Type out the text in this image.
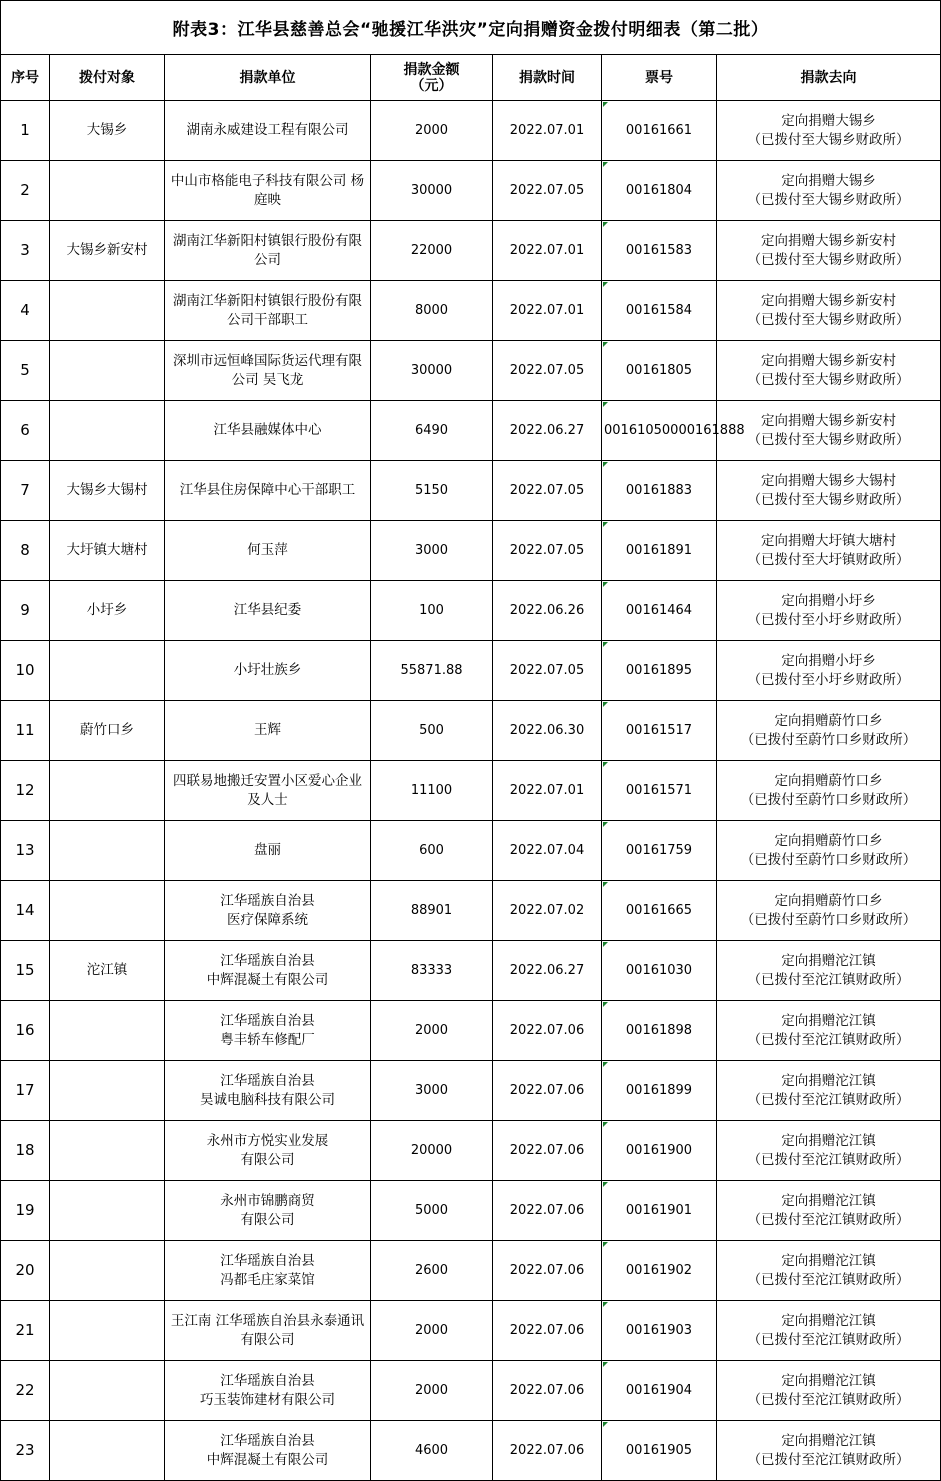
附表3：江华县慈善总会“驰援江华洪灾”定向捐赠资金拨付明细表（第二批）						
序号	拨付对象	捐款单位	捐款金额（元）	捐款时间	票号	捐款去向
1	大锡乡	湖南永威建设工程有限公司	2000	2022.07.01	00161661	定向捐赠大锡乡
（已拨付至大锡乡财政所）

2		中山市格能电子科技有限公司 杨庭映	30000	2022.07.05	00161804	定向捐赠大锡乡
（已拨付至大锡乡财政所）

3	大锡乡新安村	湖南江华新阳村镇银行股份有限公司	22000	2022.07.01	00161583	定向捐赠大锡乡新安村
（已拨付至大锡乡财政所）

4		湖南江华新阳村镇银行股份有限公司干部职工	8000	2022.07.01	00161584	定向捐赠大锡乡新安村
（已拨付至大锡乡财政所）

5		深圳市远恒峰国际货运代理有限公司 吴飞龙	30000	2022.07.05	00161805	定向捐赠大锡乡新安村
（已拨付至大锡乡财政所）

6		江华县融媒体中心	6490	2022.06.27	00161050000161888	定向捐赠大锡乡新安村
（已拨付至大锡乡财政所）

7	大锡乡大锡村	江华县住房保障中心干部职工	5150	2022.07.05	00161883	定向捐赠大锡乡大锡村
（已拨付至大锡乡财政所）

8	大圩镇大塘村	何玉萍	3000	2022.07.05	00161891	定向捐赠大圩镇大塘村
（已拨付至大圩镇财政所）

9	小圩乡	江华县纪委	100	2022.06.26	00161464	定向捐赠小圩乡
（已拨付至小圩乡财政所）

10		小圩壮族乡	55871.88	2022.07.05	00161895	定向捐赠小圩乡
（已拨付至小圩乡财政所）

11	蔚竹口乡	王辉	500	2022.06.30	00161517	定向捐赠蔚竹口乡
（已拨付至蔚竹口乡财政所）

12		四联易地搬迁安置小区爱心企业及人士	11100	2022.07.01	00161571	定向捐赠蔚竹口乡
（已拨付至蔚竹口乡财政所）

13		盘丽	600	2022.07.04	00161759	定向捐赠蔚竹口乡
（已拨付至蔚竹口乡财政所）

14		江华瑶族自治县
医疗保障系统	88901	2022.07.02	00161665	定向捐赠蔚竹口乡
（已拨付至蔚竹口乡财政所）

15	沱江镇	江华瑶族自治县
中辉混凝土有限公司	83333	2022.06.27	00161030	定向捐赠沱江镇
（已拨付至沱江镇财政所）

16		江华瑶族自治县
粤丰轿车修配厂	2000	2022.07.06	00161898	定向捐赠沱江镇
（已拨付至沱江镇财政所）

17		江华瑶族自治县
昊诚电脑科技有限公司	3000	2022.07.06	00161899	定向捐赠沱江镇
（已拨付至沱江镇财政所）

18		永州市方悦实业发展
有限公司	20000	2022.07.06	00161900	定向捐赠沱江镇
（已拨付至沱江镇财政所）

19		永州市锦鹏商贸
有限公司	5000	2022.07.06	00161901	定向捐赠沱江镇
（已拨付至沱江镇财政所）

20		江华瑶族自治县
冯都毛庄家菜馆	2600	2022.07.06	00161902	定向捐赠沱江镇
（已拨付至沱江镇财政所）

21		王江南 江华瑶族自治县永泰通讯有限公司	2000	2022.07.06	00161903	定向捐赠沱江镇
（已拨付至沱江镇财政所）

22		江华瑶族自治县
巧玉装饰建材有限公司	2000	2022.07.06	00161904	定向捐赠沱江镇
（已拨付至沱江镇财政所）

23		江华瑶族自治县
中辉混凝土有限公司	4600	2022.07.06	00161905	定向捐赠沱江镇
（已拨付至沱江镇财政所）
